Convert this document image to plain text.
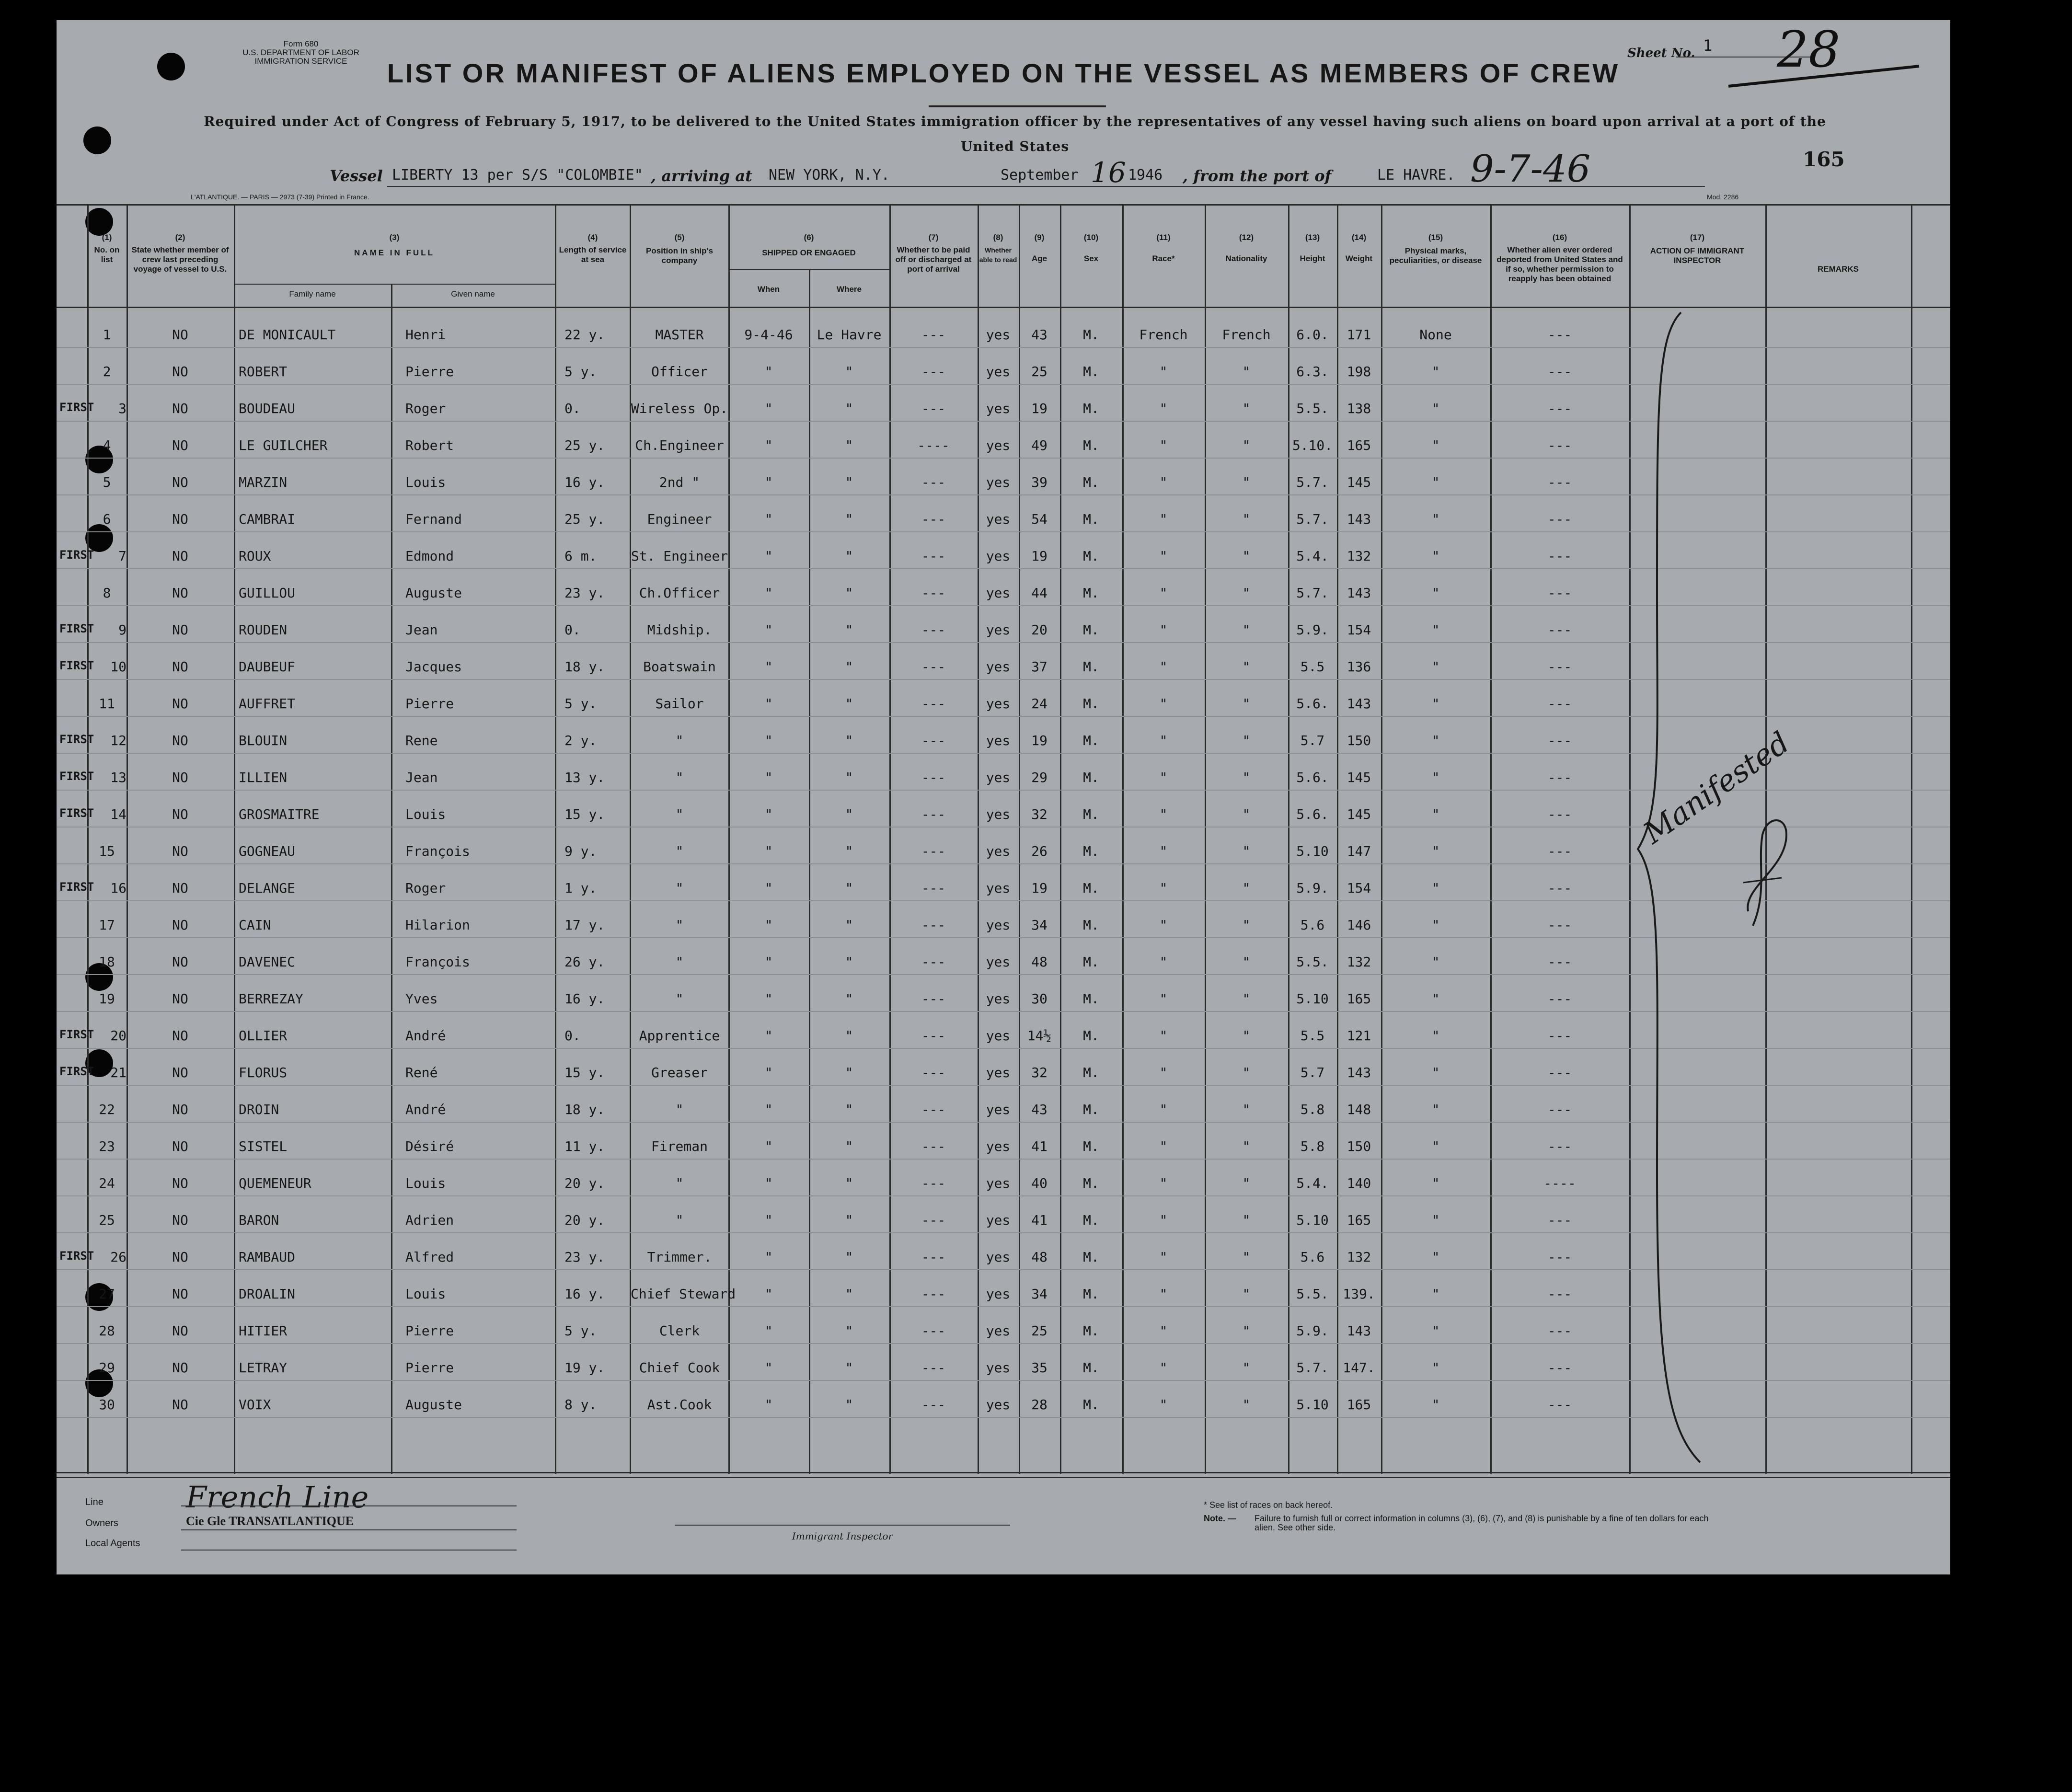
Form 680
U.S. DEPARTMENT OF LABOR
IMMIGRATION SERVICE
Sheet No. 1 28
LIST OR MANIFEST OF ALIENS EMPLOYED ON THE VESSEL AS MEMBERS OF CREW
Required under Act of Congress of February 5, 1917, to be delivered to the United States immigration officer by the representatives of any vessel having such aliens on board upon arrival at a port of the United States
165
Vessel LIBERTY 13 per S/S "COLOMBIE" , arriving at NEW YORK, N.Y.	September 16 1946 , from the port of	LE HAVRE. 9-7-46
L'ATLANTIQUE. — PARIS — 2973 (7-39) Printed in France.	Mod. 2286
(1)
No. on list
(2)
State whether member of crew last preceding voyage of vessel to U.S.
(3)
NAME IN FULL
Family name	Given name
(4)
Length of service at sea
(5)
Position in ship's company
(6)
SHIPPED OR ENGAGED
When	Where
(7)
Whether to be paid off or discharged at port of arrival
(8)
Whether able to read
(9)
Age
(10)
Sex
(11)
Race*
(12)
Nationality
(13)
Height
(14)
Weight
(15)
Physical marks, peculiarities, or disease
(16)
Whether alien ever ordered deported from United States and if so, whether permission to reapply has been obtained
(17)
ACTION OF IMMIGRANT INSPECTOR
REMARKS
1	NO	DE MONICAULT	Henri	22 y.	MASTER	9-4-46	Le Havre	---	yes	43	M.	French	French	6.0.	171	None	---
2	NO	ROBERT	Pierre	5 y.	Officer	"	"	---	yes	25	M.	"	"	6.3.	198	"	---
FIRST	3	NO	BOUDEAU	Roger	0.	Wireless Op.	"	"	---	yes	19	M.	"	"	5.5.	138	"	---
4	NO	LE GUILCHER	Robert	25 y.	Ch.Engineer	"	"	----	yes	49	M.	"	"	5.10.	165	"	---
5	NO	MARZIN	Louis	16 y.	2nd "	"	"	---	yes	39	M.	"	"	5.7.	145	"	---
6	NO	CAMBRAI	Fernand	25 y.	Engineer	"	"	---	yes	54	M.	"	"	5.7.	143	"	---
FIRST	7	NO	ROUX	Edmond	6 m.	St. Engineer	"	"	---	yes	19	M.	"	"	5.4.	132	"	---
8	NO	GUILLOU	Auguste	23 y.	Ch.Officer	"	"	---	yes	44	M.	"	"	5.7.	143	"	---
FIRST	9	NO	ROUDEN	Jean	0.	Midship.	"	"	---	yes	20	M.	"	"	5.9.	154	"	---
FIRST	10	NO	DAUBEUF	Jacques	18 y.	Boatswain	"	"	---	yes	37	M.	"	"	5.5	136	"	---
11	NO	AUFFRET	Pierre	5 y.	Sailor	"	"	---	yes	24	M.	"	"	5.6.	143	"	---
FIRST	12	NO	BLOUIN	Rene	2 y.	"	"	"	---	yes	19	M.	"	"	5.7	150	"	---
FIRST	13	NO	ILLIEN	Jean	13 y.	"	"	"	---	yes	29	M.	"	"	5.6.	145	"	---
FIRST	14	NO	GROSMAITRE	Louis	15 y.	"	"	"	---	yes	32	M.	"	"	5.6.	145	"	---
15	NO	GOGNEAU	François	9 y.	"	"	"	---	yes	26	M.	"	"	5.10	147	"	---
FIRST	16	NO	DELANGE	Roger	1 y.	"	"	"	---	yes	19	M.	"	"	5.9.	154	"	---
17	NO	CAIN	Hilarion	17 y.	"	"	"	---	yes	34	M.	"	"	5.6	146	"	---
18	NO	DAVENEC	François	26 y.	"	"	"	---	yes	48	M.	"	"	5.5.	132	"	---
19	NO	BERREZAY	Yves	16 y.	"	"	"	---	yes	30	M.	"	"	5.10	165	"	---
FIRST	20	NO	OLLIER	André	0.	Apprentice	"	"	---	yes	14½	M.	"	"	5.5	121	"	---
FIRST	21	NO	FLORUS	René	15 y.	Greaser	"	"	---	yes	32	M.	"	"	5.7	143	"	---
22	NO	DROIN	André	18 y.	"	"	"	---	yes	43	M.	"	"	5.8	148	"	---
23	NO	SISTEL	Désiré	11 y.	Fireman	"	"	---	yes	41	M.	"	"	5.8	150	"	---
24	NO	QUEMENEUR	Louis	20 y.	"	"	"	---	yes	40	M.	"	"	5.4.	140	"	----
25	NO	BARON	Adrien	20 y.	"	"	"	---	yes	41	M.	"	"	5.10	165	"	---
FIRST	26	NO	RAMBAUD	Alfred	23 y.	Trimmer.	"	"	---	yes	48	M.	"	"	5.6	132	"	---
27	NO	DROALIN	Louis	16 y.	Chief Steward	"	"	---	yes	34	M.	"	"	5.5.	139.	"	---
28	NO	HITIER	Pierre	5 y.	Clerk	"	"	---	yes	25	M.	"	"	5.9.	143	"	---
29	NO	LETRAY	Pierre	19 y.	Chief Cook	"	"	---	yes	35	M.	"	"	5.7.	147.	"	---
30	NO	VOIX	Auguste	8 y.	Ast.Cook	"	"	---	yes	28	M.	"	"	5.10	165	"	---
Manifested
Line	French Line
Owners	Cie Gle TRANSATLANTIQUE
Local Agents
Immigrant Inspector
* See list of races on back hereof.
Note. — Failure to furnish full or correct information in columns (3), (6), (7), and (8) is punishable by a fine of ten dollars for each alien. See other side.
